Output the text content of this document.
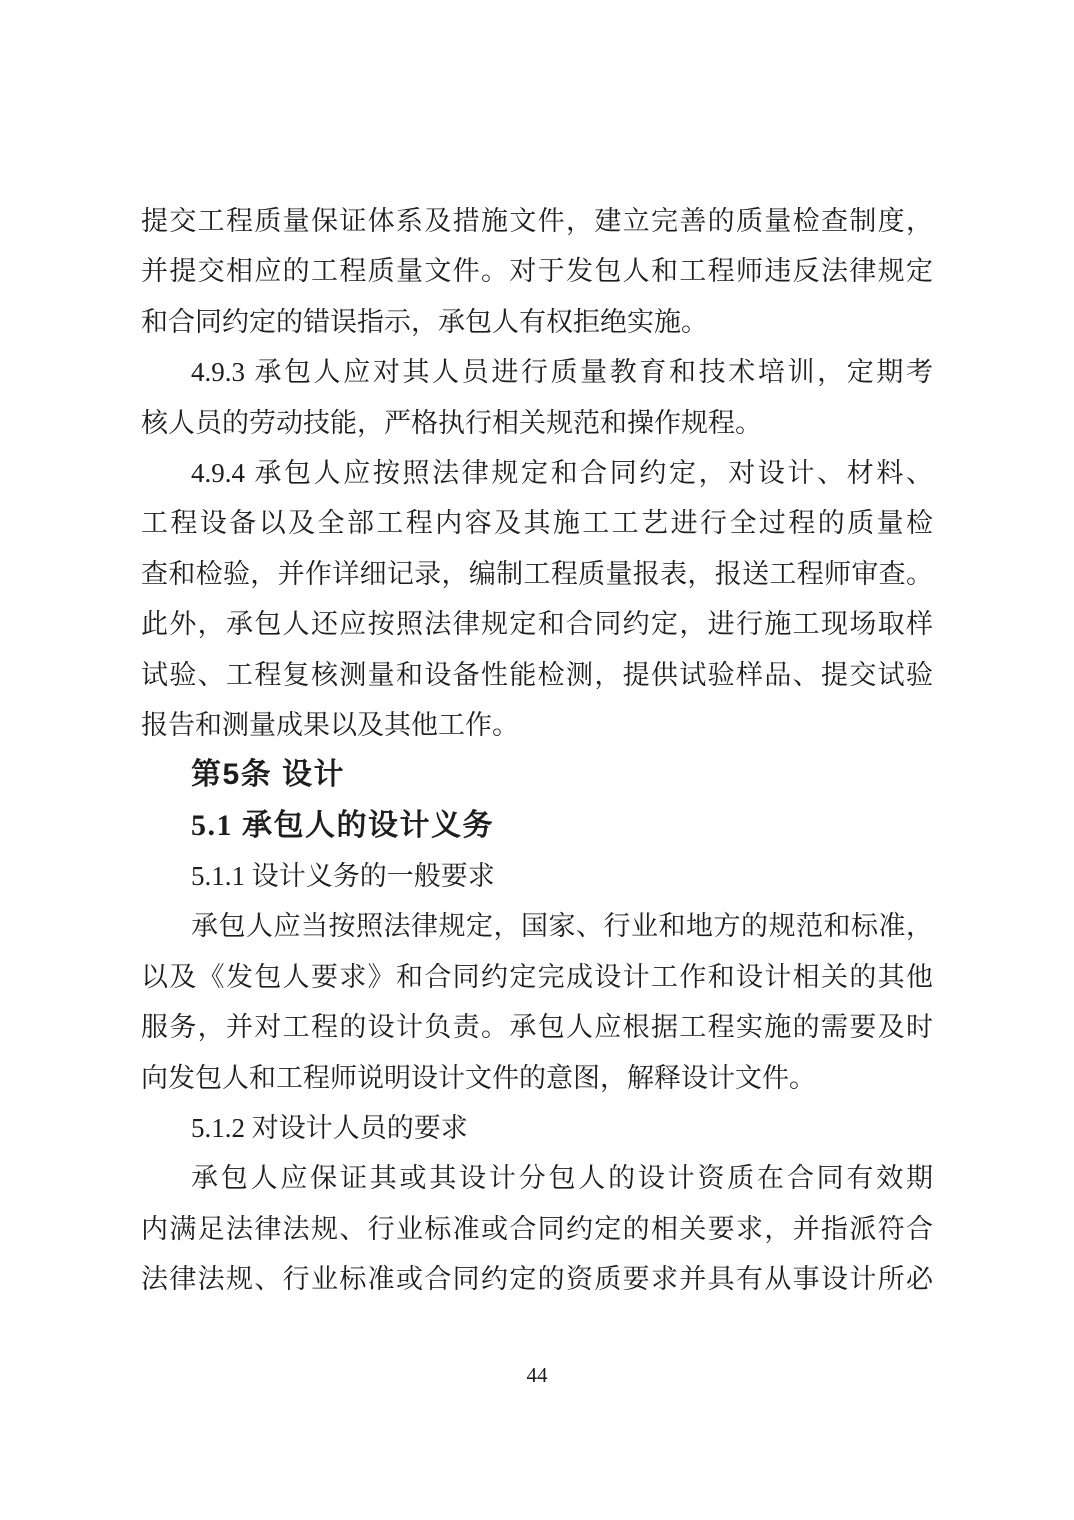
提交工程质量保证体系及措施文件，建立完善的质量检查制度，
并提交相应的工程质量文件。对于发包人和工程师违反法律规定
和合同约定的错误指示，承包人有权拒绝实施。
4.9.3 承包人应对其人员进行质量教育和技术培训，定期考
核人员的劳动技能，严格执行相关规范和操作规程。
4.9.4 承包人应按照法律规定和合同约定，对设计、材料、
工程设备以及全部工程内容及其施工工艺进行全过程的质量检
查和检验，并作详细记录，编制工程质量报表，报送工程师审查。
此外，承包人还应按照法律规定和合同约定，进行施工现场取样
试验、工程复核测量和设备性能检测，提供试验样品、提交试验
报告和测量成果以及其他工作。
第5条 设计
5.1 承包人的设计义务
5.1.1 设计义务的一般要求
承包人应当按照法律规定，国家、行业和地方的规范和标准，
以及《发包人要求》和合同约定完成设计工作和设计相关的其他
服务，并对工程的设计负责。承包人应根据工程实施的需要及时
向发包人和工程师说明设计文件的意图，解释设计文件。
5.1.2 对设计人员的要求
承包人应保证其或其设计分包人的设计资质在合同有效期
内满足法律法规、行业标准或合同约定的相关要求，并指派符合
法律法规、行业标准或合同约定的资质要求并具有从事设计所必
44
